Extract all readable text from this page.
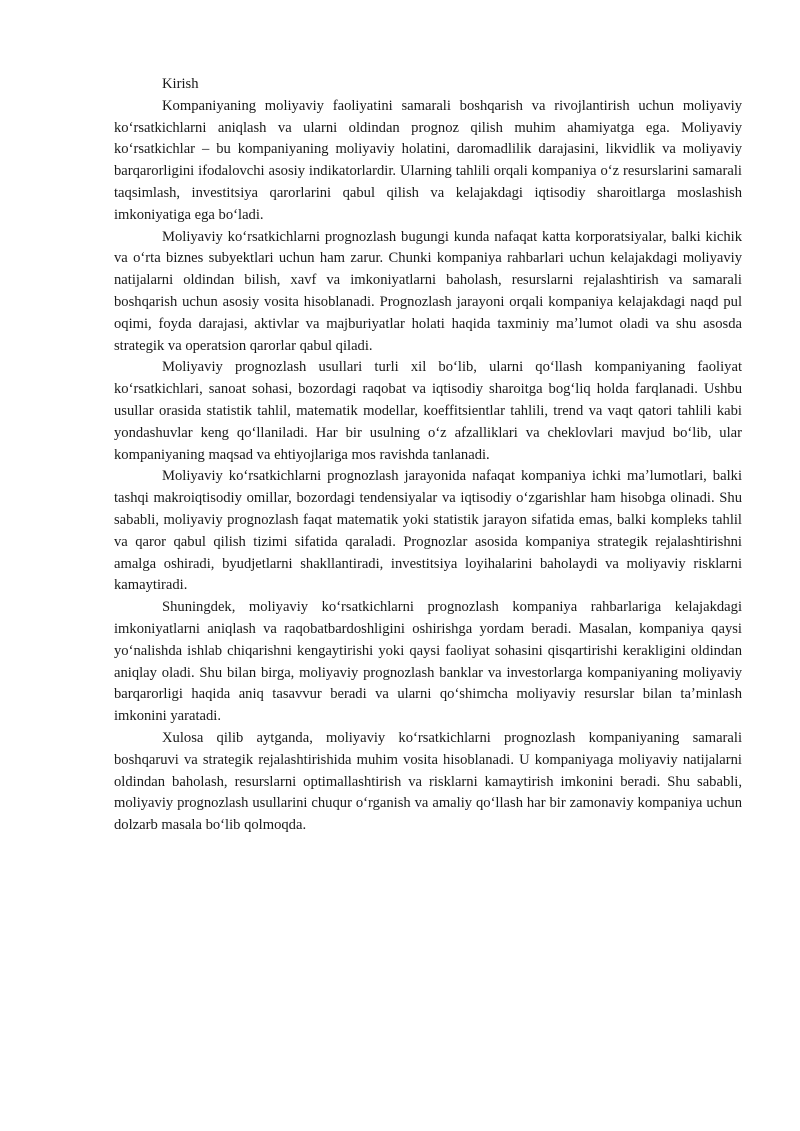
Kirish

Kompaniyaning moliyaviy faoliyatini samarali boshqarish va rivojlantirish uchun moliyaviy koʻrsatkichlarni aniqlash va ularni oldindan prognoz qilish muhim ahamiyatga ega. Moliyaviy koʻrsatkichlar – bu kompaniyaning moliyaviy holatini, daromadlilik darajasini, likvidlik va moliyaviy barqarorligini ifodalovchi asosiy indikatorlardir. Ularning tahlili orqali kompaniya oʻz resurslarini samarali taqsimlash, investitsiya qarorlarini qabul qilish va kelajakdagi iqtisodiy sharoitlarga moslashish imkoniyatiga ega boʻladi.

Moliyaviy koʻrsatkichlarni prognozlash bugungi kunda nafaqat katta korporatsiyalar, balki kichik va oʻrta biznes subyektlari uchun ham zarur. Chunki kompaniya rahbarlari uchun kelajakdagi moliyaviy natijalarni oldindan bilish, xavf va imkoniyatlarni baholash, resurslarni rejalashtirish va samarali boshqarish uchun asosiy vosita hisoblanadi. Prognozlash jarayoni orqali kompaniya kelajakdagi naqd pul oqimi, foyda darajasi, aktivlar va majburiyatlar holati haqida taxminiy maʼlumot oladi va shu asosda strategik va operatsion qarorlar qabul qiladi.

Moliyaviy prognozlash usullari turli xil boʻlib, ularni qoʻllash kompaniyaning faoliyat koʻrsatkichlari, sanoat sohasi, bozordagi raqobat va iqtisodiy sharoitga bogʻliq holda farqlanadi. Ushbu usullar orasida statistik tahlil, matematik modellar, koeffitsientlar tahlili, trend va vaqt qatori tahlili kabi yondashuvlar keng qoʻllaniladi. Har bir usulning oʻz afzalliklari va cheklovlari mavjud boʻlib, ular kompaniyaning maqsad va ehtiyojlariga mos ravishda tanlanadi.

Moliyaviy koʻrsatkichlarni prognozlash jarayonida nafaqat kompaniya ichki maʼlumotlari, balki tashqi makroiqtisodiy omillar, bozordagi tendensiyalar va iqtisodiy oʻzgarishlar ham hisobga olinadi. Shu sababli, moliyaviy prognozlash faqat matematik yoki statistik jarayon sifatida emas, balki kompleks tahlil va qaror qabul qilish tizimi sifatida qaraladi. Prognozlar asosida kompaniya strategik rejalashtirishni amalga oshiradi, byudjetlarni shakllantiradi, investitsiya loyihalarini baholaydi va moliyaviy risklarni kamaytiradi.

Shuningdek, moliyaviy koʻrsatkichlarni prognozlash kompaniya rahbarlariga kelajakdagi imkoniyatlarni aniqlash va raqobatbardoshligini oshirishga yordam beradi. Masalan, kompaniya qaysi yoʻnalishda ishlab chiqarishni kengaytirishi yoki qaysi faoliyat sohasini qisqartirishi kerakligini oldindan aniqlay oladi. Shu bilan birga, moliyaviy prognozlash banklar va investorlarga kompaniyaning moliyaviy barqarorligi haqida aniq tasavvur beradi va ularni qoʻshimcha moliyaviy resurslar bilan taʼminlash imkonini yaratadi.

Xulosa qilib aytganda, moliyaviy koʻrsatkichlarni prognozlash kompaniyaning samarali boshqaruvi va strategik rejalashtirishida muhim vosita hisoblanadi. U kompaniyaga moliyaviy natijalarni oldindan baholash, resurslarni optimallashtirish va risklarni kamaytirish imkonini beradi. Shu sababli, moliyaviy prognozlash usullarini chuqur oʻrganish va amaliy qoʻllash har bir zamonaviy kompaniya uchun dolzarb masala boʻlib qolmoqda.
